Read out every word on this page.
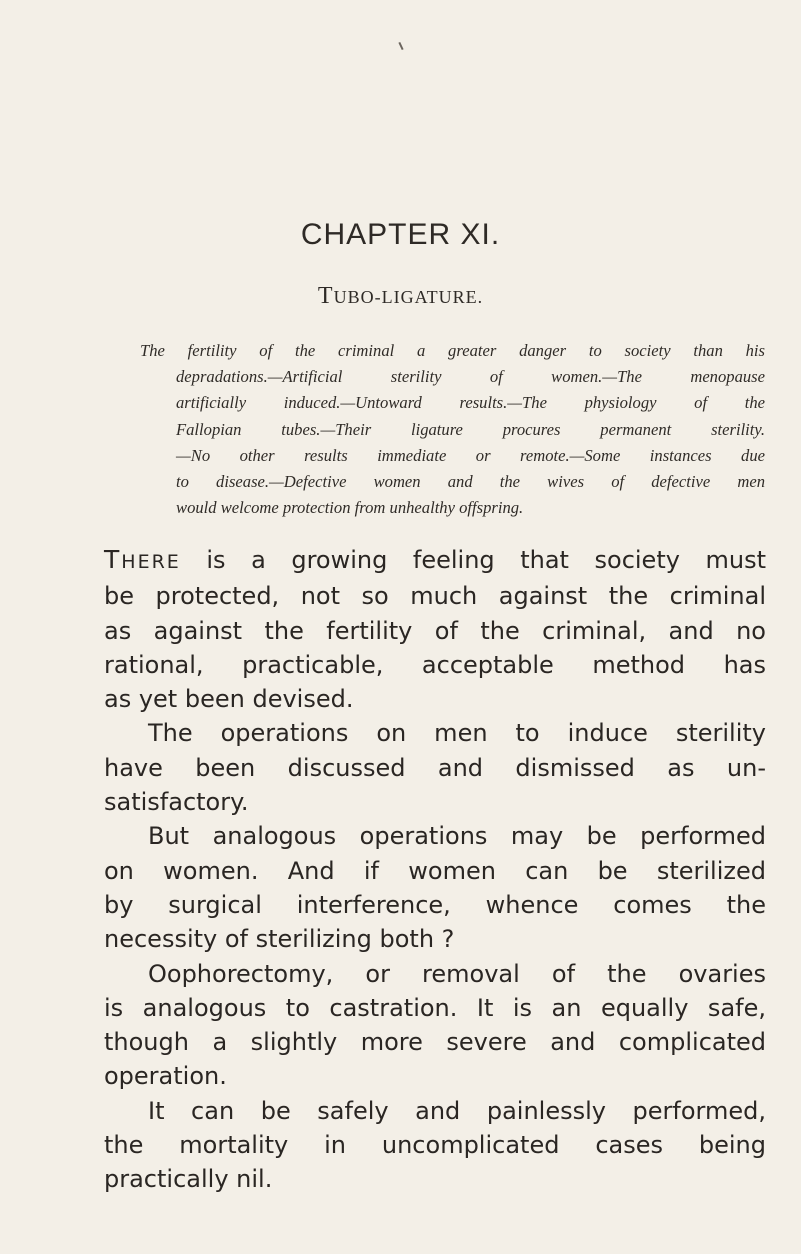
CHAPTER XI.
TUBO-LIGATURE.
The fertility of the criminal a greater danger to society than his
depradations.—Artificial sterility of women.—The menopause
artificially induced.—Untoward results.—The physiology of the
Fallopian tubes.—Their ligature procures permanent sterility.
—No other results immediate or remote.—Some instances due
to disease.—Defective women and the wives of defective men
would welcome protection from unhealthy offspring.
THERE is a growing feeling that society must
be protected, not so much against the criminal
as against the fertility of the criminal, and no
rational, practicable, acceptable method has
as yet been devised.
The operations on men to induce sterility
have been discussed and dismissed as un-
satisfactory.
But analogous operations may be performed
on women. And if women can be sterilized
by surgical interference, whence comes the
necessity of sterilizing both ?
Oophorectomy, or removal of the ovaries
is analogous to castration. It is an equally safe,
though a slightly more severe and complicated
operation.
It can be safely and painlessly performed,
the mortality in uncomplicated cases being
practically nil.
